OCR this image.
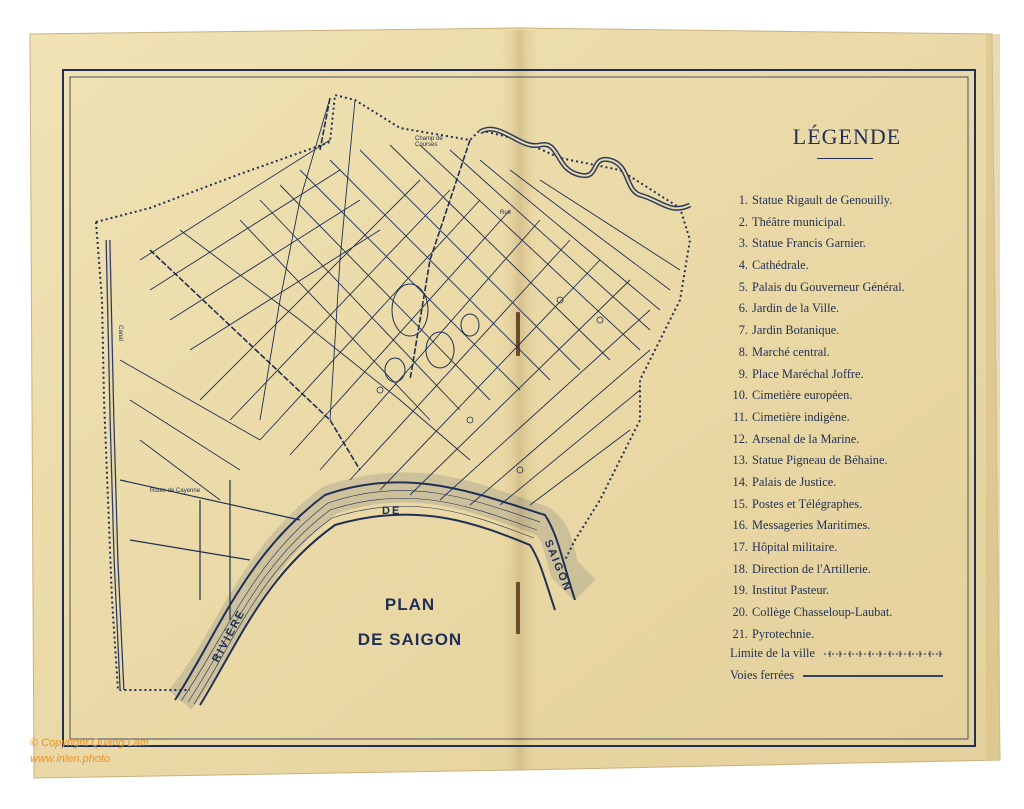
PLAN
DE SAIGON
RIVIÈRE
DE
SAIGON
Champ de Courses
Route de Cayenne
Canal
Rue
LÉGENDE
1. Statue Rigault de Genouilly.
2. Théâtre municipal.
3. Statue Francis Garnier.
4. Cathédrale.
5. Palais du Gouverneur Général.
6. Jardin de la Ville.
7. Jardin Botanique.
8. Marché central.
9. Place Maréchal Joffre.
10. Cimetière européen.
11. Cimetière indigène.
12. Arsenal de la Marine.
13. Statue Pigneau de Béhaine.
14. Palais de Justice.
15. Postes et Télégraphes.
16. Messageries Maritimes.
17. Hôpital militaire.
18. Direction de l'Artillerie.
19. Institut Pasteur.
20. Collège Chasseloup-Laubat.
21. Pyrotechnie.
Limite de la ville
Voies ferrées
© Copyright Quang Lam
www.inlen.photo
